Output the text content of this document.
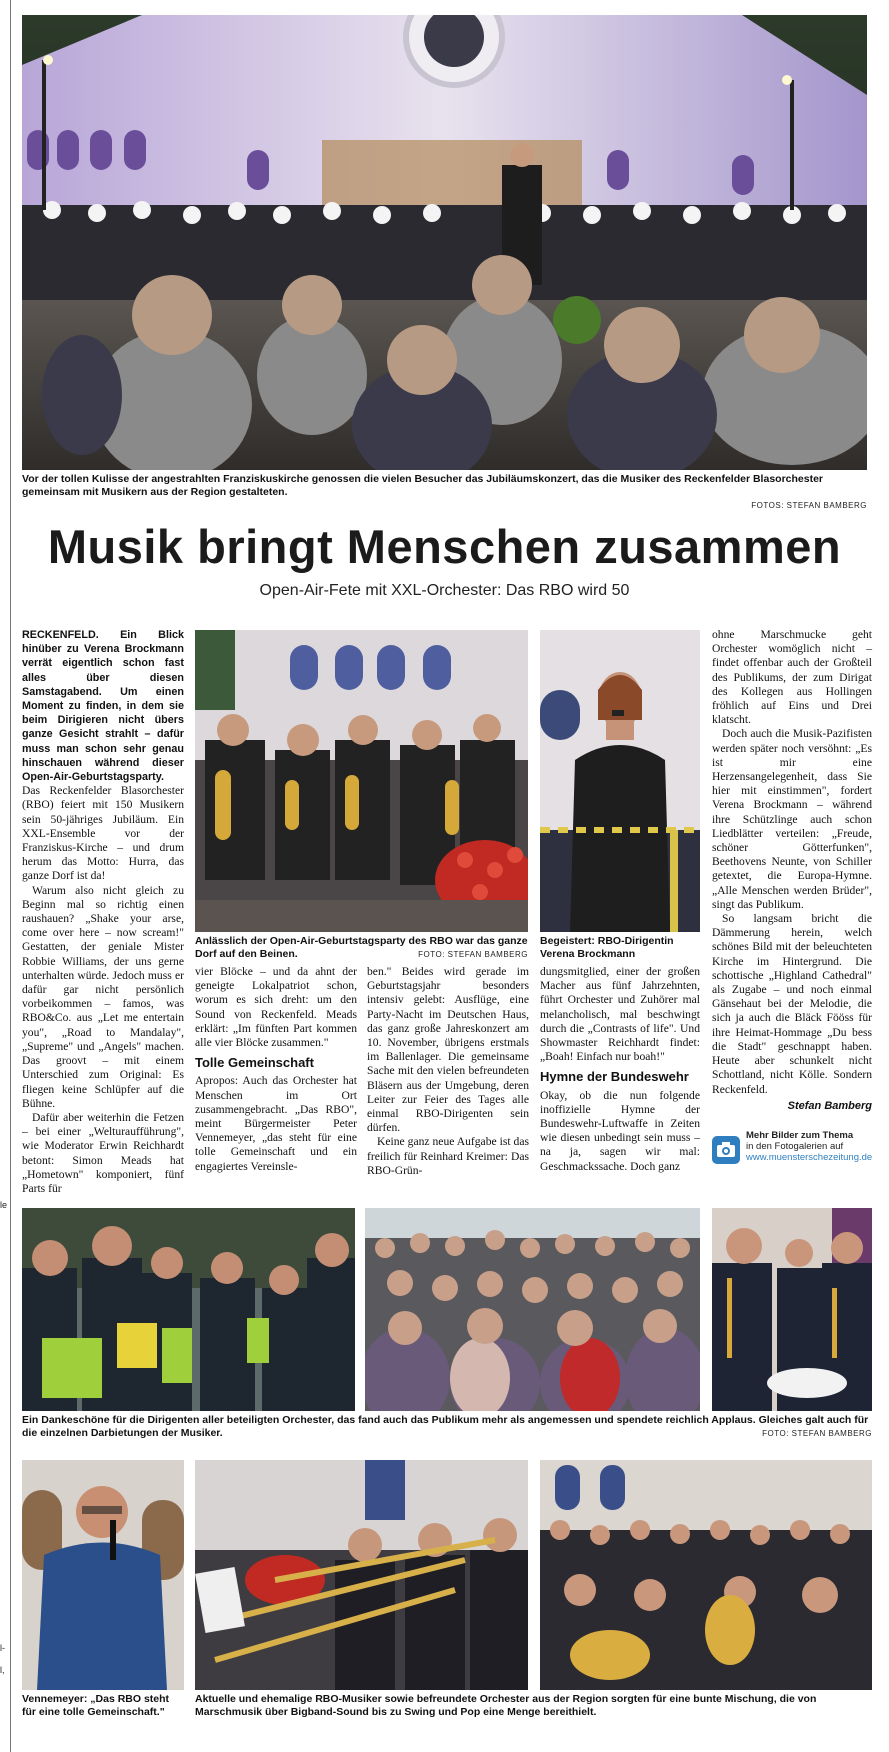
le
l-
l,
Vor der tollen Kulisse der angestrahlten Franziskuskirche genossen die vielen Besucher das Jubiläumskonzert, das die Musiker des Reckenfelder Blasorchester gemeinsam mit Musikern aus der Region gestalteten.
FOTOS: STEFAN BAMBERG
Musik bringt Menschen zusammen
Open-Air-Fete mit XXL-Orchester: Das RBO wird 50

RECKENFELD. Ein Blick hinüber zu Verena Brockmann verrät eigentlich schon fast alles über diesen Samstagabend. Um einen Moment zu finden, in dem sie beim Dirigieren nicht übers ganze Gesicht strahlt – dafür muss man schon sehr genau hinschauen während dieser Open-Air-Geburtstagsparty.

Das Reckenfelder Blasorchester (RBO) feiert mit 150 Musikern sein 50-jähriges Jubiläum. Ein XXL-Ensemble vor der Franziskus-Kirche – und drum herum das Motto: Hurra, das ganze Dorf ist da!

Warum also nicht gleich zu Beginn mal so richtig einen raushauen? „Shake your arse, come over here – now scream!" Gestatten, der geniale Mister Robbie Williams, der uns gerne unterhalten würde. Jedoch muss er dafür gar nicht persönlich vorbeikommen – famos, was RBO&Co. aus „Let me entertain you", „Road to Mandalay", „Supreme" und „Angels" machen. Das groovt – mit einem Unterschied zum Original: Es fliegen keine Schlüpfer auf die Bühne.

Dafür aber weiterhin die Fetzen – bei einer „Welturaufführung", wie Moderator Erwin Reichhardt betont: Simon Meads hat „Hometown" komponiert, fünf Parts für

Anlässlich der Open-Air-Geburtstagsparty des RBO war das ganze Dorf auf den Beinen.	FOTO: STEFAN BAMBERG
Begeistert: RBO-Dirigentin Verena Brockmann

vier Blöcke – und da ahnt der geneigte Lokalpatriot schon, worum es sich dreht: um den Sound von Reckenfeld. Meads erklärt: „Im fünften Part kommen alle vier Blöcke zusammen."

Tolle Gemeinschaft

Apropos: Auch das Orchester hat Menschen im Ort zusammengebracht. „Das RBO", meint Bürgermeister Peter Vennemeyer, „das steht für eine tolle Gemeinschaft und ein engagiertes Vereinsle-

ben." Beides wird gerade im Geburtstagsjahr besonders intensiv gelebt: Ausflüge, eine Party-Nacht im Deutschen Haus, das ganz große Jahreskonzert am 10. November, übrigens erstmals im Ballenlager. Die gemeinsame Sache mit den vielen befreundeten Bläsern aus der Umgebung, deren Leiter zur Feier des Tages alle einmal RBO-Dirigenten sein dürfen.

Keine ganz neue Aufgabe ist das freilich für Reinhard Kreimer: Das RBO-Grün-

dungsmitglied, einer der großen Macher aus fünf Jahrzehnten, führt Orchester und Zuhörer mal melancholisch, mal beschwingt durch die „Contrasts of life". Und Showmaster Reichhardt findet: „Boah! Einfach nur boah!"

Hymne der Bundeswehr

Okay, ob die nun folgende inoffizielle Hymne der Bundeswehr-Luftwaffe in Zeiten wie diesen unbedingt sein muss – na ja, sagen wir mal: Geschmackssache. Doch ganz

ohne Marschmucke geht Orchester womöglich nicht – findet offenbar auch der Großteil des Publikums, der zum Dirigat des Kollegen aus Hollingen fröhlich auf Eins und Drei klatscht.

Doch auch die Musik-Pazifisten werden später noch versöhnt: „Es ist mir eine Herzensangelegenheit, dass Sie hier mit einstimmen", fordert Verena Brockmann – während ihre Schützlinge auch schon Liedblätter verteilen: „Freude, schöner Götterfunken", Beethovens Neunte, von Schiller getextet, die Europa-Hymne. „Alle Menschen werden Brüder", singt das Publikum.

So langsam bricht die Dämmerung herein, welch schönes Bild mit der beleuchteten Kirche im Hintergrund. Die schottische „Highland Cathedral" als Zugabe – und noch einmal Gänsehaut bei der Melodie, die sich ja auch die Bläck Fööss für ihre Heimat-Hommage „Du bess die Stadt" geschnappt haben. Heute aber schunkelt nicht Schottland, nicht Kölle. Sondern Reckenfeld.

Stefan Bamberg
Mehr Bilder zum Thema
in den Fotogalerien auf
www.muensterschezeitung.de
Ein Dankeschöne für die Dirigenten aller beteiligten Orchester, das fand auch das Publikum mehr als angemessen und spendete reichlich Applaus. Gleiches galt auch für die einzelnen Darbietungen der Musiker.	FOTO: STEFAN BAMBERG
Vennemeyer: „Das RBO steht für eine tolle Gemeinschaft."
Aktuelle und ehemalige RBO-Musiker sowie befreundete Orchester aus der Region sorgten für eine bunte Mischung, die von Marschmusik über Bigband-Sound bis zu Swing und Pop eine Menge bereithielt.
